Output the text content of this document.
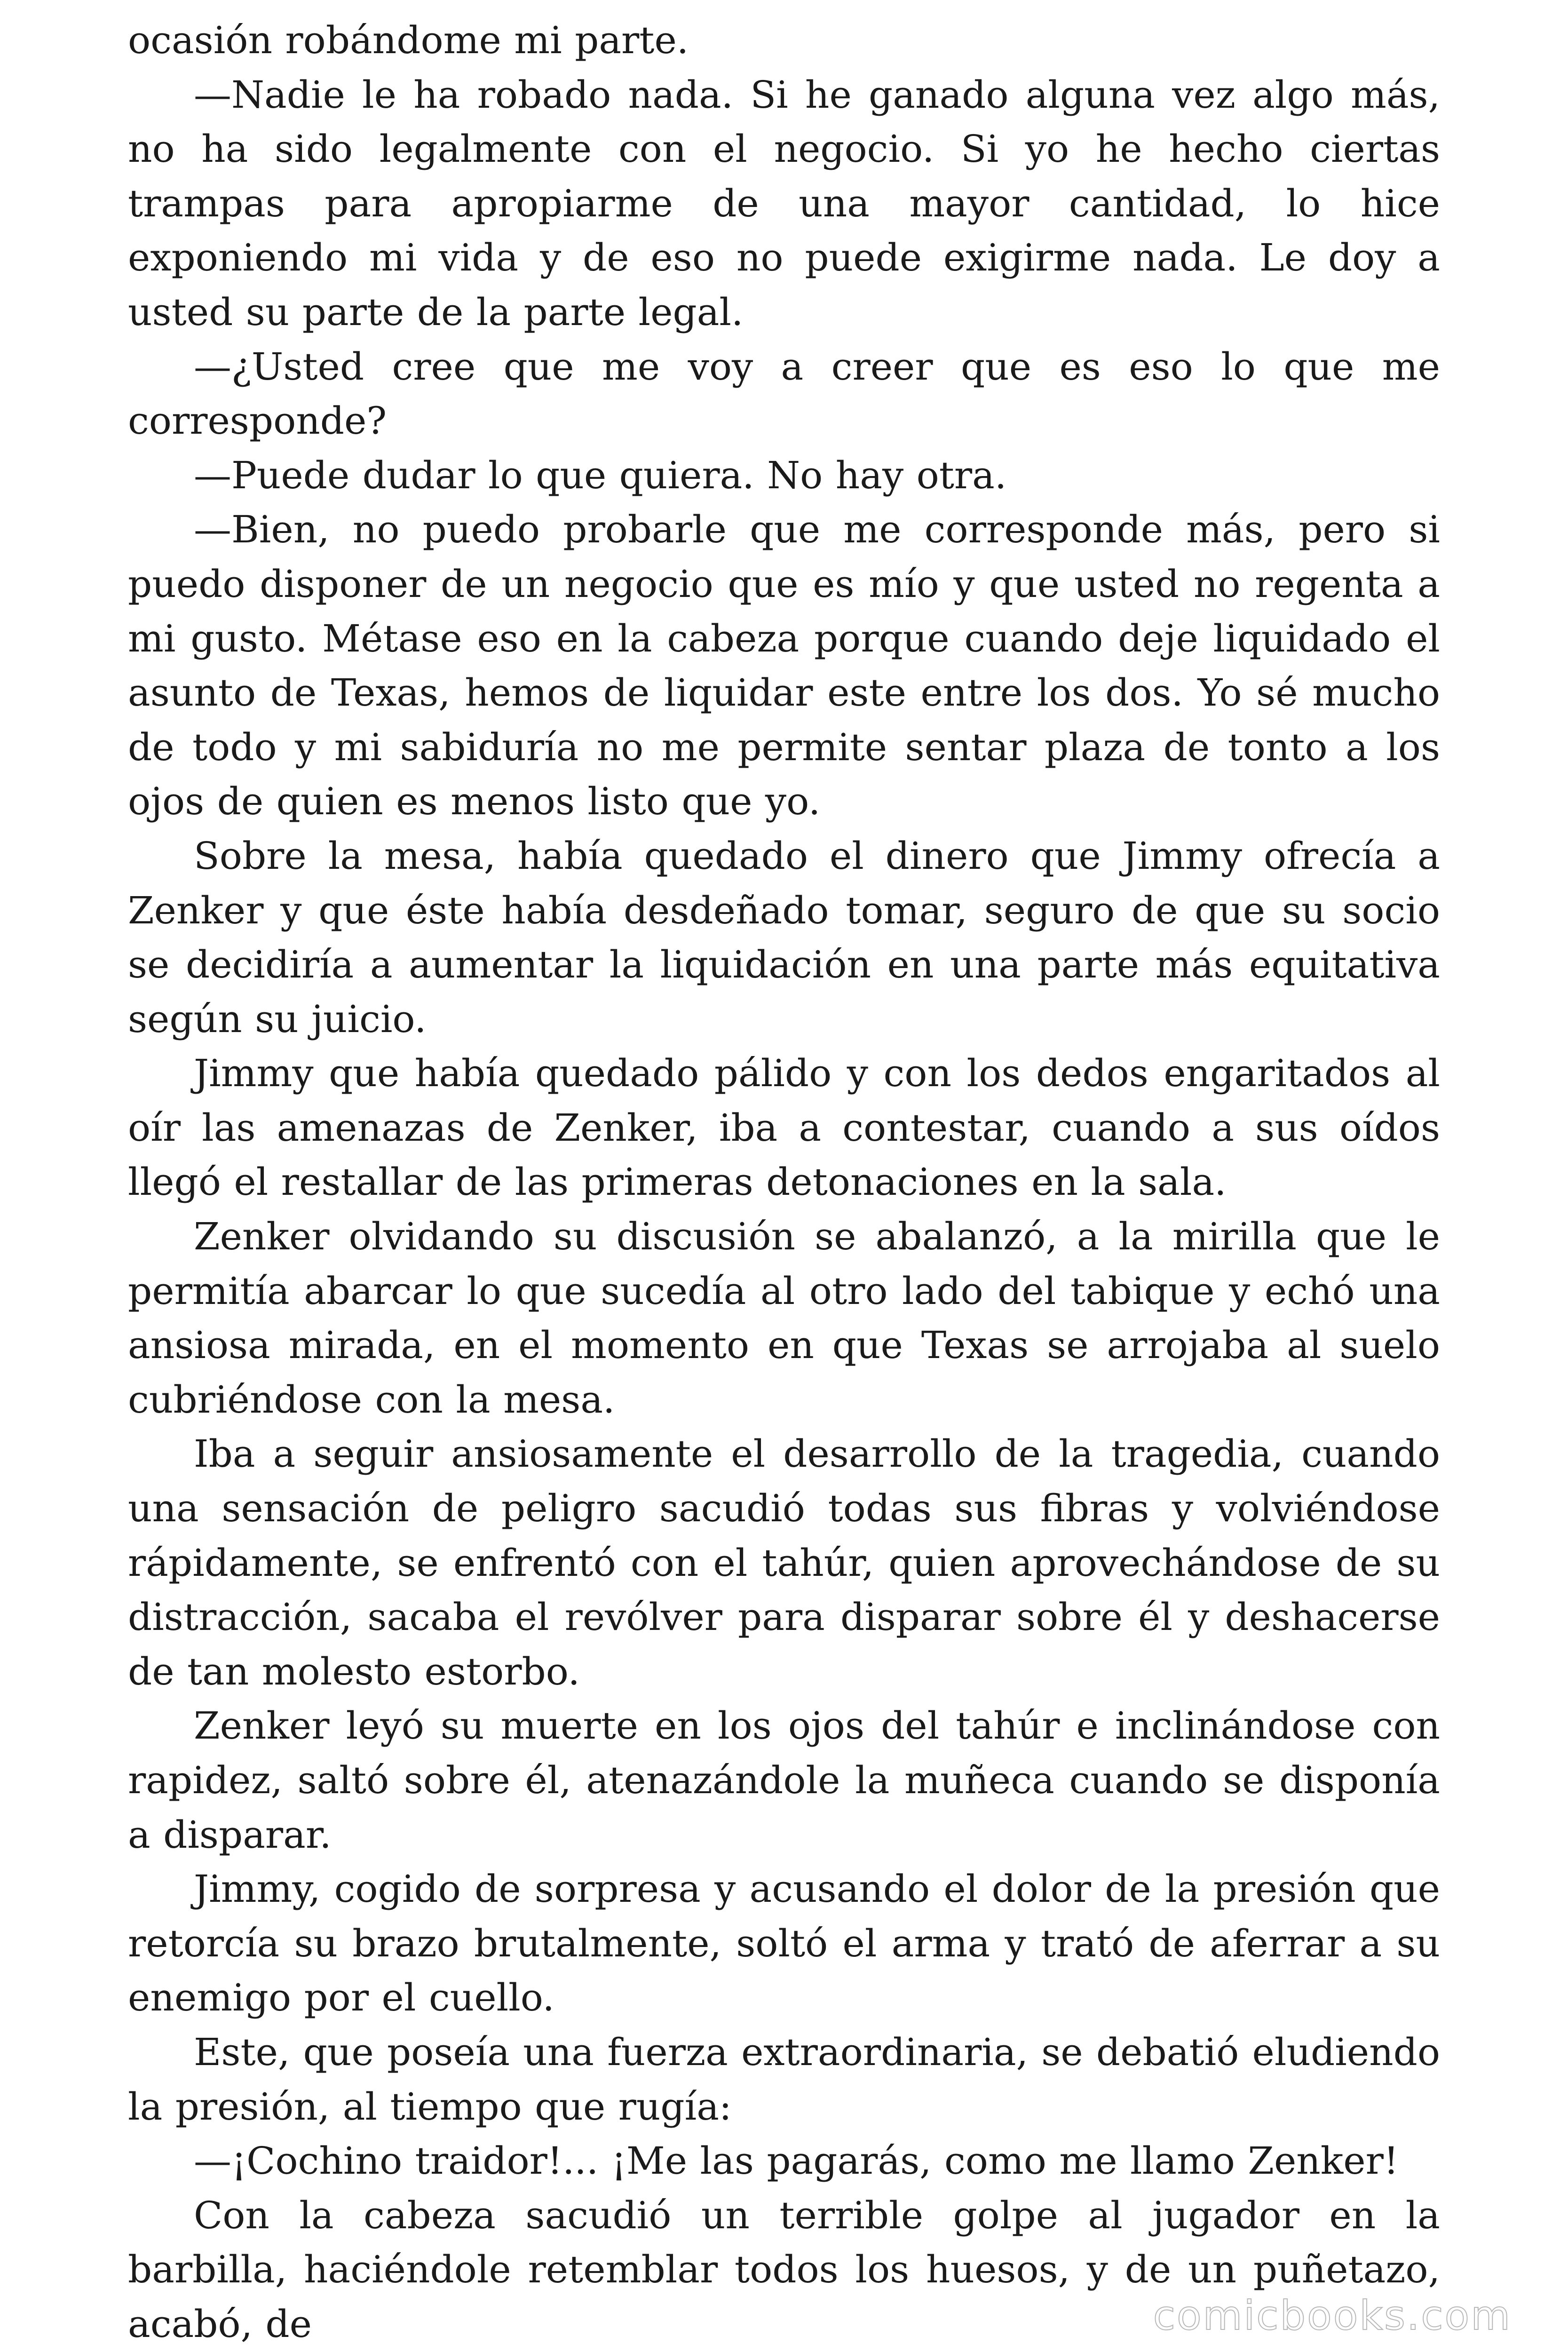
ocasión robándome mi parte.

—Nadie le ha robado nada. Si he ganado alguna vez algo más, no ha sido legalmente con el negocio. Si yo he hecho ciertas trampas para apropiarme de una mayor cantidad, lo hice exponiendo mi vida y de eso no puede exigirme nada. Le doy a usted su parte de la parte legal.

—¿Usted cree que me voy a creer que es eso lo que me corresponde?

—Puede dudar lo que quiera. No hay otra.

—Bien, no puedo probarle que me corresponde más, pero si puedo disponer de un negocio que es mío y que usted no regenta a mi gusto. Métase eso en la cabeza porque cuando deje liquidado el asunto de Texas, hemos de liquidar este entre los dos. Yo sé mucho de todo y mi sabiduría no me permite sentar plaza de tonto a los ojos de quien es menos listo que yo.

Sobre la mesa, había quedado el dinero que Jimmy ofrecía a Zenker y que éste había desdeñado tomar, seguro de que su socio se decidiría a aumentar la liquidación en una parte más equitativa según su juicio.

Jimmy que había quedado pálido y con los dedos engaritados al oír las amenazas de Zenker, iba a contestar, cuando a sus oídos llegó el restallar de las primeras detonaciones en la sala.

Zenker olvidando su discusión se abalanzó, a la mirilla que le permitía abarcar lo que sucedía al otro lado del tabique y echó una ansiosa mirada, en el momento en que Texas se arrojaba al suelo cubriéndose con la mesa.

Iba a seguir ansiosamente el desarrollo de la tragedia, cuando una sensación de peligro sacudió todas sus fibras y volviéndose rápidamente, se enfrentó con el tahúr, quien aprovechándose de su distracción, sacaba el revólver para disparar sobre él y deshacerse de tan molesto estorbo.

Zenker leyó su muerte en los ojos del tahúr e inclinándose con rapidez, saltó sobre él, atenazándole la muñeca cuando se disponía a disparar.

Jimmy, cogido de sorpresa y acusando el dolor de la presión que retorcía su brazo brutalmente, soltó el arma y trató de aferrar a su enemigo por el cuello.

Este, que poseía una fuerza extraordinaria, se debatió eludiendo la presión, al tiempo que rugía:

—¡Cochino traidor!... ¡Me las pagarás, como me llamo Zenker!

Con la cabeza sacudió un terrible golpe al jugador en la barbilla, haciéndole retemblar todos los huesos, y de un puñetazo, acabó, de	comicbooks.com
